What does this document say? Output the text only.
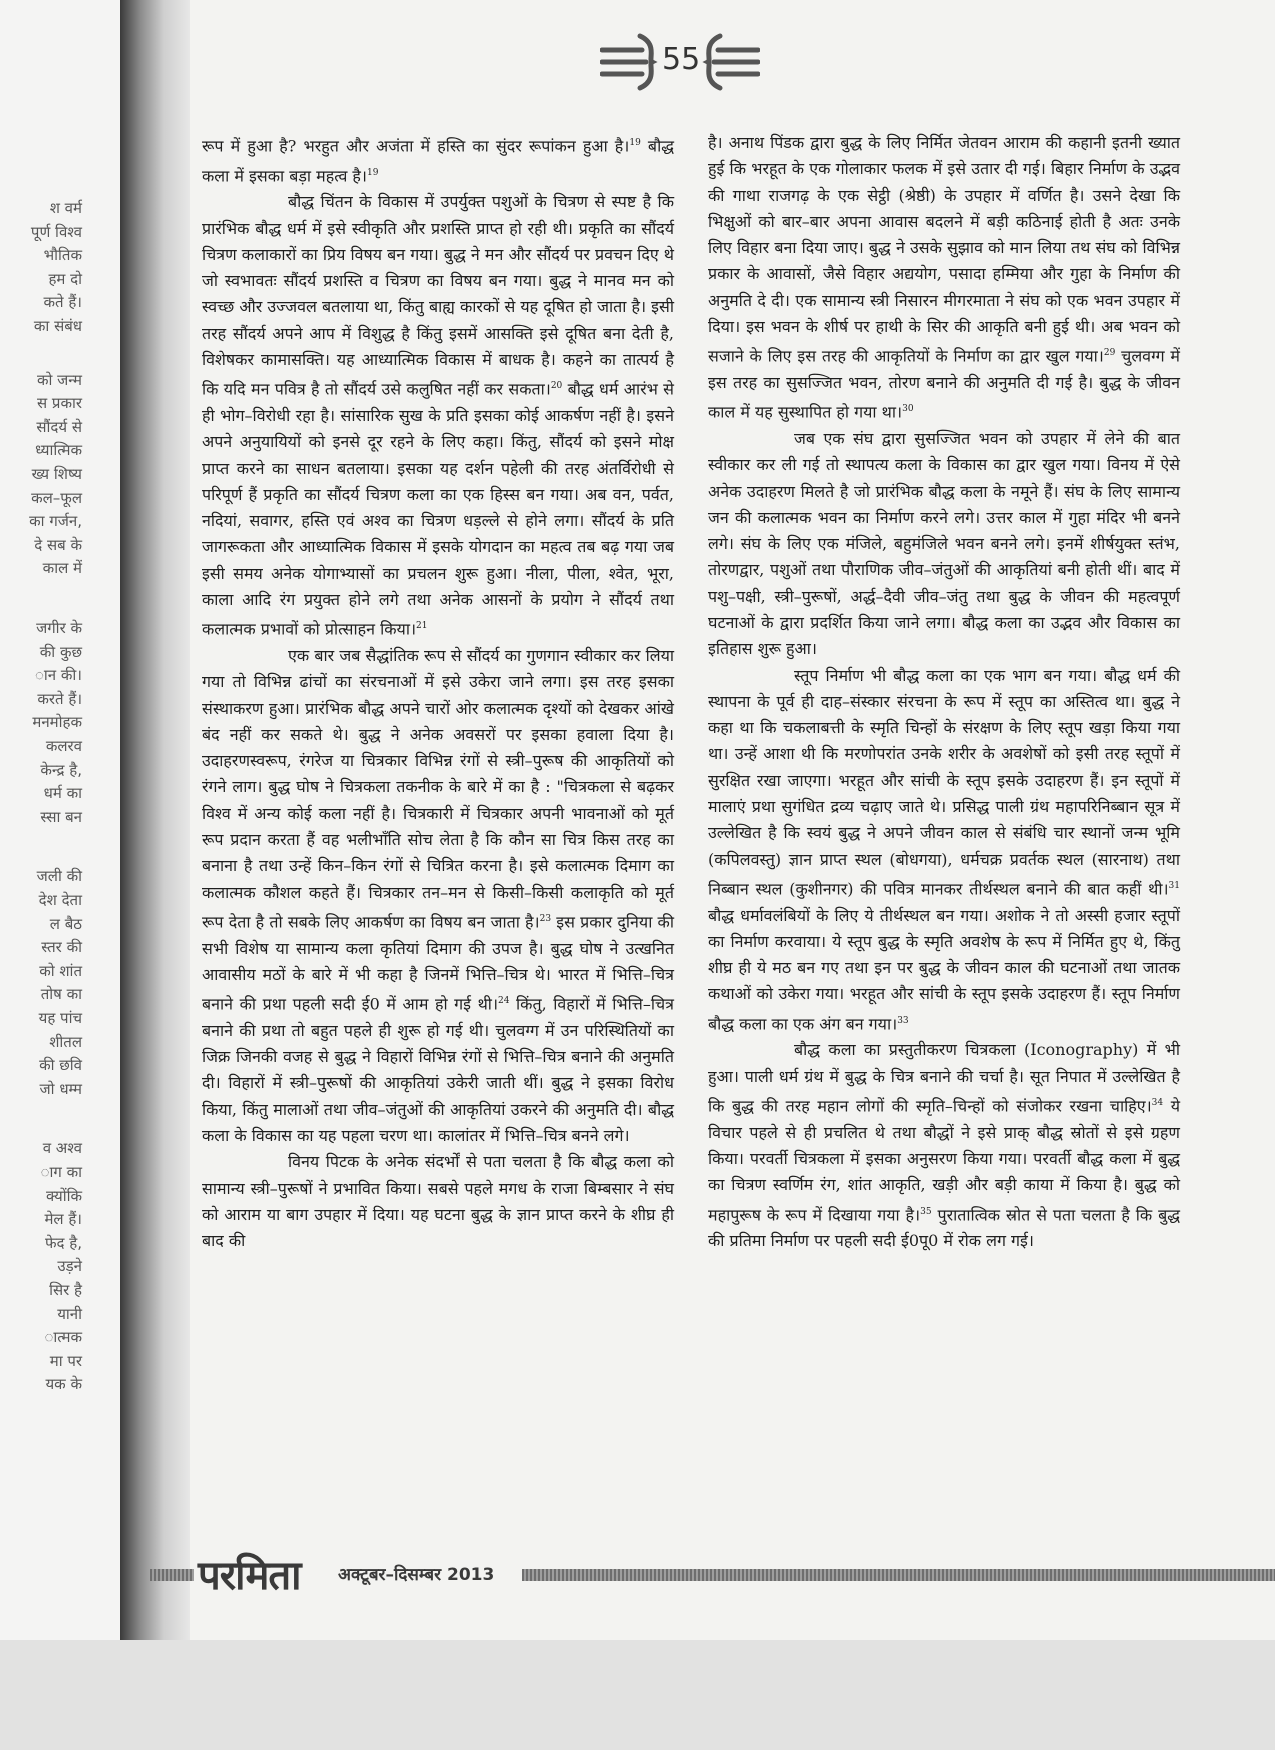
श वर्म
पूर्ण विश्व
भौतिक
हम दो
कते हैं।
का संबंध
को जन्म
स प्रकार
सौंदर्य से
ध्यात्मिक
ख्य शिष्य
कल–फूल
का गर्जन,
दे सब के
काल में
जगीर के
की कुछ
ान की।
करते हैं।
मनमोहक
कलरव
केन्द्र है,
धर्म का
स्सा बन
जली की
देश देता
ल बैठ
स्तर की
को शांत
तोष का
यह पांच
शीतल
की छवि
जो धम्म
व अश्व
ाग का
क्योंकि
मेल हैं।
फेद है,
उड़ने
सिर है
यानी
ात्मक
मा पर
यक के
55

रूप में हुआ है? भरहुत और अजंता में हस्ति का सुंदर रूपांकन हुआ है।$^{19}$ बौद्ध कला में इसका बड़ा महत्व है।$^{19}$

बौद्ध चिंतन के विकास में उपर्युक्त पशुओं के चित्रण से स्पष्ट है कि प्रारंभिक बौद्ध धर्म में इसे स्वीकृति और प्रशस्ति प्राप्त हो रही थी। प्रकृति का सौंदर्य चित्रण कलाकारों का प्रिय विषय बन गया। बुद्ध ने मन और सौंदर्य पर प्रवचन दिए थे जो स्वभावतः सौंदर्य प्रशस्ति व चित्रण का विषय बन गया। बुद्ध ने मानव मन को स्वच्छ और उज्जवल बतलाया था, किंतु बाह्य कारकों से यह दूषित हो जाता है। इसी तरह सौंदर्य अपने आप में विशुद्ध है किंतु इसमें आसक्ति इसे दूषित बना देती है, विशेषकर कामासक्ति। यह आध्यात्मिक विकास में बाधक है। कहने का तात्पर्य है कि यदि मन पवित्र है तो सौंदर्य उसे कलुषित नहीं कर सकता।$^{20}$ बौद्ध धर्म आरंभ से ही भोग–विरोधी रहा है। सांसारिक सुख के प्रति इसका कोई आकर्षण नहीं है। इसने अपने अनुयायियों को इनसे दूर रहने के लिए कहा। किंतु, सौंदर्य को इसने मोक्ष प्राप्त करने का साधन बतलाया। इसका यह दर्शन पहेली की तरह अंतर्विरोधी से परिपूर्ण हैं प्रकृति का सौंदर्य चित्रण कला का एक हिस्स बन गया। अब वन, पर्वत, नदियां, सवागर, हस्ति एवं अश्व का चित्रण धड़ल्ले से होने लगा। सौंदर्य के प्रति जागरूकता और आध्यात्मिक विकास में इसके योगदान का महत्व तब बढ़ गया जब इसी समय अनेक योगाभ्यासों का प्रचलन शुरू हुआ। नीला, पीला, श्वेत, भूरा, काला आदि रंग प्रयुक्त होने लगे तथा अनेक आसनों के प्रयोग ने सौंदर्य तथा कलात्मक प्रभावों को प्रोत्साहन किया।$^{21}$

एक बार जब सैद्धांतिक रूप से सौंदर्य का गुणगान स्वीकार कर लिया गया तो विभिन्न ढांचों का संरचनाओं में इसे उकेरा जाने लगा। इस तरह इसका संस्थाकरण हुआ। प्रारंभिक बौद्ध अपने चारों ओर कलात्मक दृश्यों को देखकर आंखे बंद नहीं कर सकते थे। बुद्ध ने अनेक अवसरों पर इसका हवाला दिया है। उदाहरणस्वरूप, रंगरेज या चित्रकार विभिन्न रंगों से स्त्री–पुरूष की आकृतियों को रंगने लाग। बुद्ध घोष ने चित्रकला तकनीक के बारे में का है : "चित्रकला से बढ़कर विश्व में अन्य कोई कला नहीं है। चित्रकारी में चित्रकार अपनी भावनाओं को मूर्त रूप प्रदान करता हैं वह भलीभाँति सोच लेता है कि कौन सा चित्र किस तरह का बनाना है तथा उन्हें किन–किन रंगों से चित्रित करना है। इसे कलात्मक दिमाग का कलात्मक कौशल कहते हैं। चित्रकार तन–मन से किसी–किसी कलाकृति को मूर्त रूप देता है तो सबके लिए आकर्षण का विषय बन जाता है।$^{23}$ इस प्रकार दुनिया की सभी विशेष या सामान्य कला कृतियां दिमाग की उपज है। बुद्ध घोष ने उत्खनित आवासीय मठों के बारे में भी कहा है जिनमें भित्ति–चित्र थे। भारत में भित्ति–चित्र बनाने की प्रथा पहली सदी ई0 में आम हो गई थी।$^{24}$ किंतु, विहारों में भित्ति–चित्र बनाने की प्रथा तो बहुत पहले ही शुरू हो गई थी। चुलवग्ग में उन परिस्थितियों का जिक्र जिनकी वजह से बुद्ध ने विहारों विभिन्न रंगों से भित्ति–चित्र बनाने की अनुमति दी। विहारों में स्त्री–पुरूषों की आकृतियां उकेरी जाती थीं। बुद्ध ने इसका विरोध किया, किंतु मालाओं तथा जीव–जंतुओं की आकृतियां उकरने की अनुमति दी। बौद्ध कला के विकास का यह पहला चरण था। कालांतर में भित्ति–चित्र बनने लगे।

विनय पिटक के अनेक संदर्भों से पता चलता है कि बौद्ध कला को सामान्य स्त्री–पुरूषों ने प्रभावित किया। सबसे पहले मगध के राजा बिम्बसार ने संघ को आराम या बाग उपहार में दिया। यह घटना बुद्ध के ज्ञान प्राप्त करने के शीघ्र ही बाद की

है। अनाथ पिंडक द्वारा बुद्ध के लिए निर्मित जेतवन आराम की कहानी इतनी ख्यात हुई कि भरहूत के एक गोलाकार फलक में इसे उतार दी गई। बिहार निर्माण के उद्भव की गाथा राजगढ़ के एक सेट्ठी (श्रेष्ठी) के उपहार में वर्णित है। उसने देखा कि भिक्षुओं को बार–बार अपना आवास बदलने में बड़ी कठिनाई होती है अतः उनके लिए विहार बना दिया जाए। बुद्ध ने उसके सुझाव को मान लिया तथ संघ को विभिन्न प्रकार के आवासों, जैसे विहार अद्ययोग, पसादा हम्मिया और गुहा के निर्माण की अनुमति दे दी। एक सामान्य स्त्री निसारन मीगरमाता ने संघ को एक भवन उपहार में दिया। इस भवन के शीर्ष पर हाथी के सिर की आकृति बनी हुई थी। अब भवन को सजाने के लिए इस तरह की आकृतियों के निर्माण का द्वार खुल गया।$^{29}$ चुलवग्ग में इस तरह का सुसज्जित भवन, तोरण बनाने की अनुमति दी गई है। बुद्ध के जीवन काल में यह सुस्थापित हो गया था।$^{30}$

जब एक संघ द्वारा सुसज्जित भवन को उपहार में लेने की बात स्वीकार कर ली गई तो स्थापत्य कला के विकास का द्वार खुल गया। विनय में ऐसे अनेक उदाहरण मिलते है जो प्रारंभिक बौद्ध कला के नमूने हैं। संघ के लिए सामान्य जन की कलात्मक भवन का निर्माण करने लगे। उत्तर काल में गुहा मंदिर भी बनने लगे। संघ के लिए एक मंजिले, बहुमंजिले भवन बनने लगे। इनमें शीर्षयुक्त स्तंभ, तोरणद्वार, पशुओं तथा पौराणिक जीव–जंतुओं की आकृतियां बनी होती थीं। बाद में पशु–पक्षी, स्त्री–पुरूषों, अर्द्ध–दैवी जीव–जंतु तथा बुद्ध के जीवन की महत्वपूर्ण घटनाओं के द्वारा प्रदर्शित किया जाने लगा। बौद्ध कला का उद्भव और विकास का इतिहास शुरू हुआ।

स्तूप निर्माण भी बौद्ध कला का एक भाग बन गया। बौद्ध धर्म की स्थापना के पूर्व ही दाह–संस्कार संरचना के रूप में स्तूप का अस्तित्व था। बुद्ध ने कहा था कि चकलाबत्ती के स्मृति चिन्हों के संरक्षण के लिए स्तूप खड़ा किया गया था। उन्हें आशा थी कि मरणोपरांत उनके शरीर के अवशेषों को इसी तरह स्तूपों में सुरक्षित रखा जाएगा। भरहूत और सांची के स्तूप इसके उदाहरण हैं। इन स्तूपों में मालाएं प्रथा सुगंधित द्रव्य चढ़ाए जाते थे। प्रसिद्ध पाली ग्रंथ महापरिनिब्बान सूत्र में उल्लेखित है कि स्वयं बुद्ध ने अपने जीवन काल से संबंधि चार स्थानों जन्म भूमि (कपिलवस्तु) ज्ञान प्राप्त स्थल (बोधगया), धर्मचक्र प्रवर्तक स्थल (सारनाथ) तथा निब्बान स्थल (कुशीनगर) की पवित्र मानकर तीर्थस्थल बनाने की बात कहीं थी।$^{31}$ बौद्ध धर्मावलंबियों के लिए ये तीर्थस्थल बन गया। अशोक ने तो अस्सी हजार स्तूपों का निर्माण करवाया। ये स्तूप बुद्ध के स्मृति अवशेष के रूप में निर्मित हुए थे, किंतु शीघ्र ही ये मठ बन गए तथा इन पर बुद्ध के जीवन काल की घटनाओं तथा जातक कथाओं को उकेरा गया। भरहूत और सांची के स्तूप इसके उदाहरण हैं। स्तूप निर्माण बौद्ध कला का एक अंग बन गया।$^{33}$

बौद्ध कला का प्रस्तुतीकरण चित्रकला (Iconography) में भी हुआ। पाली धर्म ग्रंथ में बुद्ध के चित्र बनाने की चर्चा है। सूत निपात में उल्लेखित है कि बुद्ध की तरह महान लोगों की स्मृति–चिन्हों को संजोकर रखना चाहिए।$^{34}$ ये विचार पहले से ही प्रचलित थे तथा बौद्धों ने इसे प्राक् बौद्ध स्रोतों से इसे ग्रहण किया। परवर्ती चित्रकला में इसका अनुसरण किया गया। परवर्ती बौद्ध कला में बुद्ध का चित्रण स्वर्णिम रंग, शांत आकृति, खड़ी और बड़ी काया में किया है। बुद्ध को महापुरूष के रूप में दिखाया गया है।$^{35}$ पुरातात्विक स्रोत से पता चलता है कि बुद्ध की प्रतिमा निर्माण पर पहली सदी ई0पू0 में रोक लग गई।

परमिता अक्टूबर–दिसम्बर 2013
